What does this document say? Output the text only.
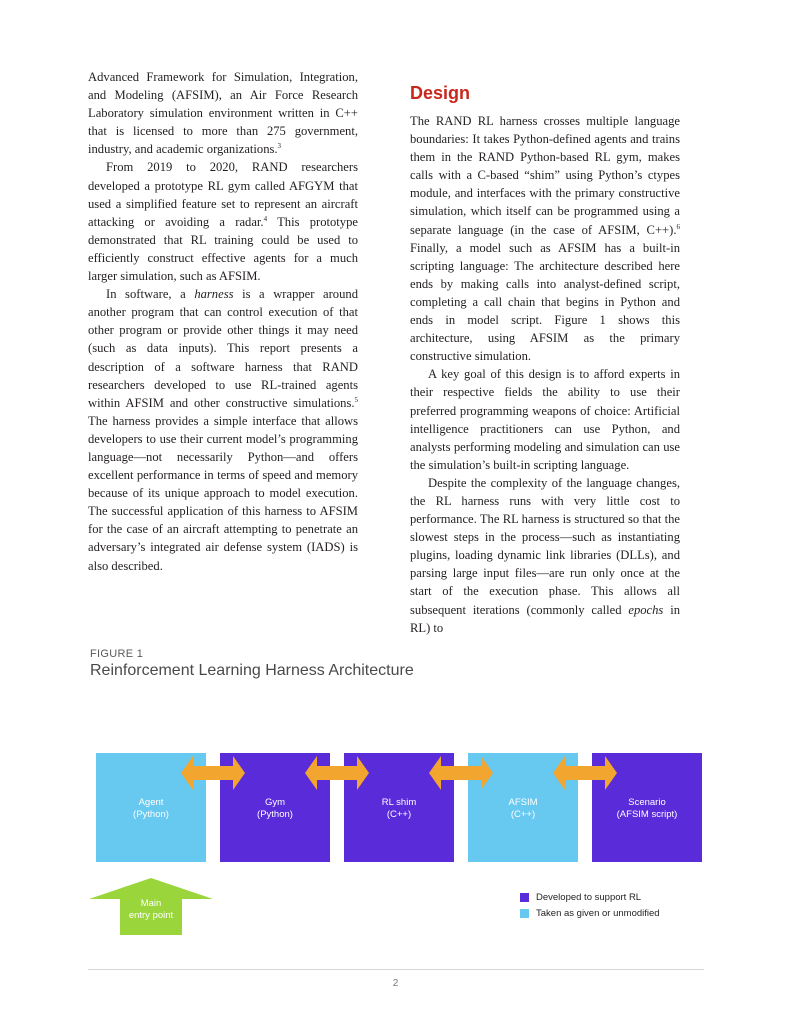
Advanced Framework for Simulation, Integration, and Modeling (AFSIM), an Air Force Research Laboratory simulation environment written in C++ that is licensed to more than 275 government, industry, and academic organizations.$^3$

From 2019 to 2020, RAND researchers developed a prototype RL gym called AFGYM that used a simplified feature set to represent an aircraft attacking or avoiding a radar.$^4$ This prototype demonstrated that RL training could be used to efficiently construct effective agents for a much larger simulation, such as AFSIM.

In software, a harness is a wrapper around another program that can control execution of that other program or provide other things it may need (such as data inputs). This report presents a description of a software harness that RAND researchers developed to use RL-trained agents within AFSIM and other constructive simulations.$^5$ The harness provides a simple interface that allows developers to use their current model’s programming language—not necessarily Python—and offers excellent performance in terms of speed and memory because of its unique approach to model execution. The successful application of this harness to AFSIM for the case of an aircraft attempting to penetrate an adversary’s integrated air defense system (IADS) is also described.

Design

The RAND RL harness crosses multiple language boundaries: It takes Python-defined agents and trains them in the RAND Python-based RL gym, makes calls with a C-based “shim” using Python’s ctypes module, and interfaces with the primary constructive simulation, which itself can be programmed using a separate language (in the case of AFSIM, C++).$^6$ Finally, a model such as AFSIM has a built-in scripting language: The architecture described here ends by making calls into analyst-defined script, completing a call chain that begins in Python and ends in model script. Figure 1 shows this architecture, using AFSIM as the primary constructive simulation.

A key goal of this design is to afford experts in their respective fields the ability to use their preferred programming weapons of choice: Artificial intelligence practitioners can use Python, and analysts performing modeling and simulation can use the simulation’s built-in scripting language.

Despite the complexity of the language changes, the RL harness runs with very little cost to performance. The RL harness is structured so that the slowest steps in the process—such as instantiating plugins, loading dynamic link libraries (DLLs), and parsing large input files—are run only once at the start of the execution phase. This allows all subsequent iterations (commonly called epochs in RL) to

FIGURE 1
Reinforcement Learning Harness Architecture
Agent
(Python)
Gym
(Python)
RL shim
(C++)
AFSIM
(C++)
Scenario
(AFSIM script)
Main
entry point
Developed to support RL
Taken as given or unmodified
2
